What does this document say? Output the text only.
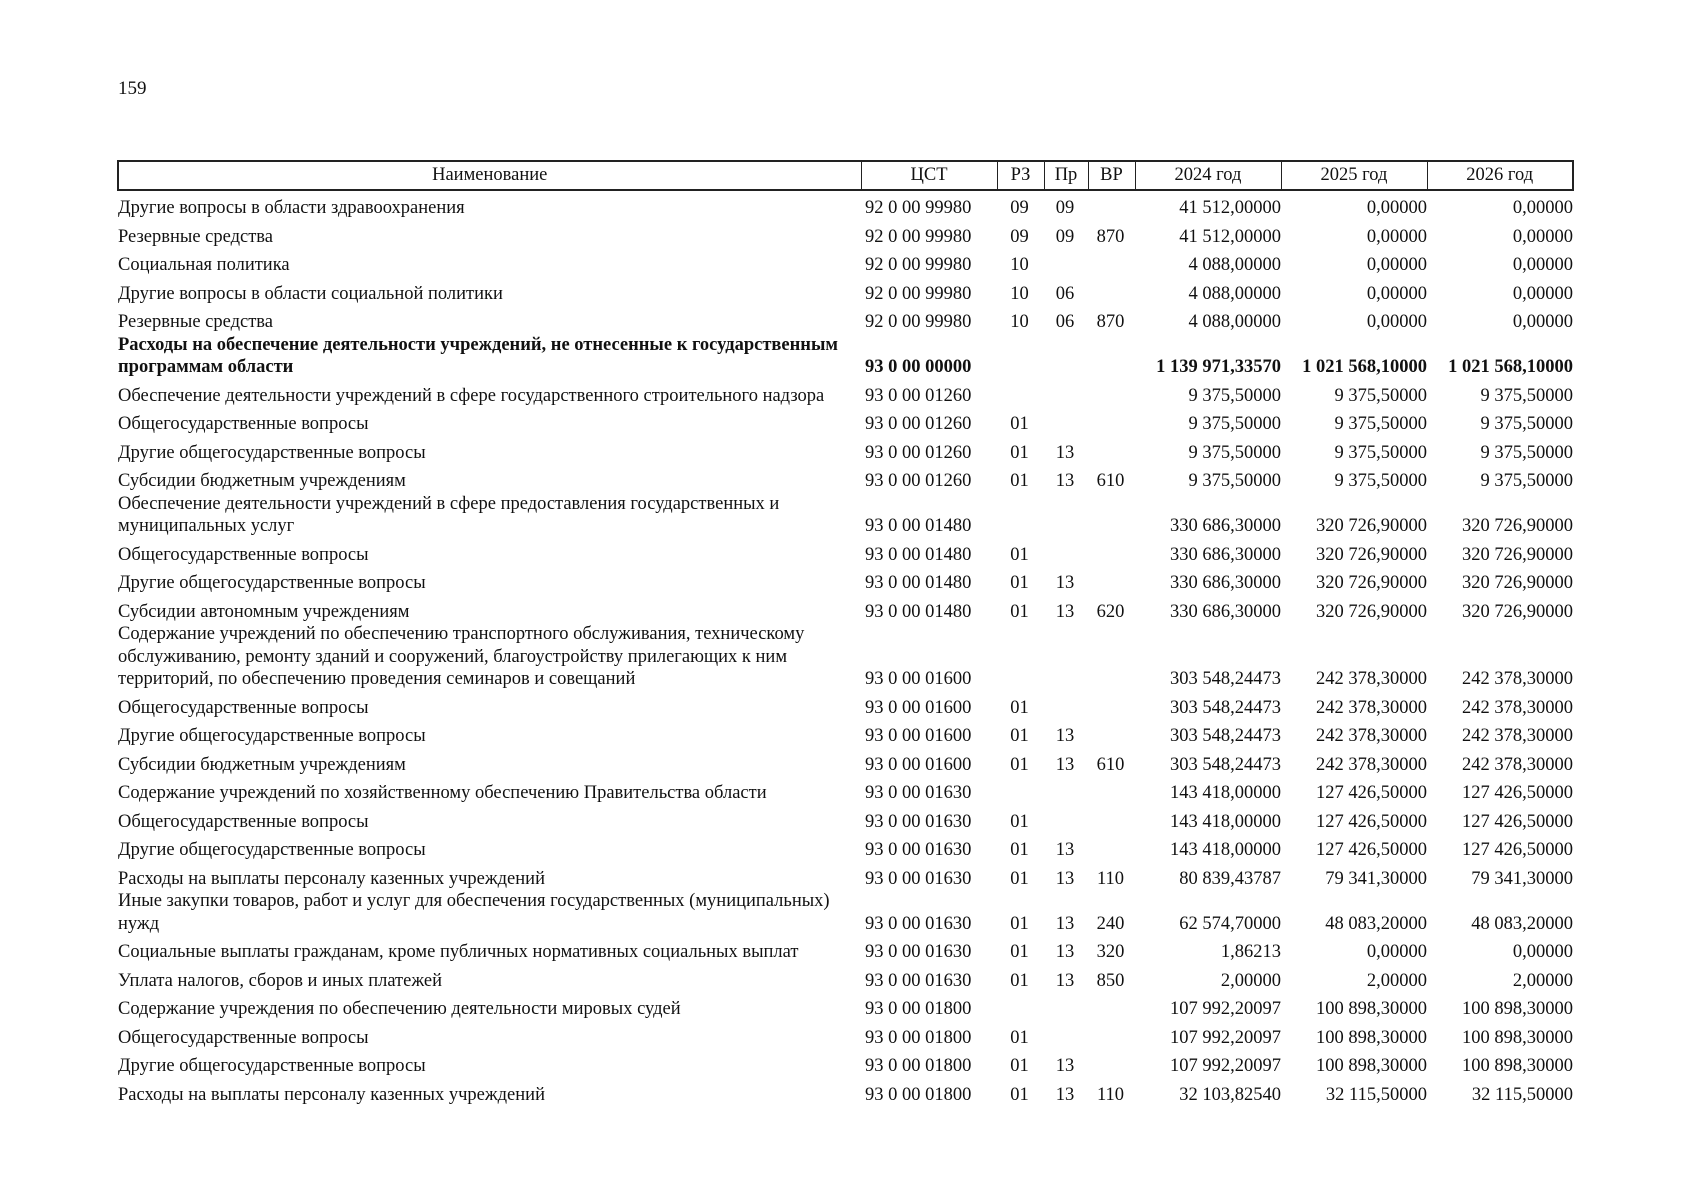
159
Наименование	ЦСТ	РЗ	Пр	ВР	2024 год	2025 год	2026 год
Другие вопросы в области здравоохранения	92 0 00 99980	09	09		41 512,00000	0,00000	0,00000
Резервные средства	92 0 00 99980	09	09	870	41 512,00000	0,00000	0,00000
Социальная политика	92 0 00 99980	10			4 088,00000	0,00000	0,00000
Другие вопросы в области социальной политики	92 0 00 99980	10	06		4 088,00000	0,00000	0,00000
Резервные средства	92 0 00 99980	10	06	870	4 088,00000	0,00000	0,00000
Расходы на обеспечение деятельности учреждений, не отнесенные к государственным программам области	93 0 00 00000				1 139 971,33570	1 021 568,10000	1 021 568,10000
Обеспечение деятельности учреждений в сфере государственного строительного надзора	93 0 00 01260				9 375,50000	9 375,50000	9 375,50000
Общегосударственные вопросы	93 0 00 01260	01			9 375,50000	9 375,50000	9 375,50000
Другие общегосударственные вопросы	93 0 00 01260	01	13		9 375,50000	9 375,50000	9 375,50000
Субсидии бюджетным учреждениям	93 0 00 01260	01	13	610	9 375,50000	9 375,50000	9 375,50000
Обеспечение деятельности учреждений в сфере предоставления государственных и муниципальных услуг	93 0 00 01480				330 686,30000	320 726,90000	320 726,90000
Общегосударственные вопросы	93 0 00 01480	01			330 686,30000	320 726,90000	320 726,90000
Другие общегосударственные вопросы	93 0 00 01480	01	13		330 686,30000	320 726,90000	320 726,90000
Субсидии автономным учреждениям	93 0 00 01480	01	13	620	330 686,30000	320 726,90000	320 726,90000
Содержание учреждений по обеспечению транспортного обслуживания, техническому обслуживанию, ремонту зданий и сооружений, благоустройству прилегающих к ним территорий, по обеспечению проведения семинаров и совещаний	93 0 00 01600				303 548,24473	242 378,30000	242 378,30000
Общегосударственные вопросы	93 0 00 01600	01			303 548,24473	242 378,30000	242 378,30000
Другие общегосударственные вопросы	93 0 00 01600	01	13		303 548,24473	242 378,30000	242 378,30000
Субсидии бюджетным учреждениям	93 0 00 01600	01	13	610	303 548,24473	242 378,30000	242 378,30000
Содержание учреждений по хозяйственному обеспечению Правительства области	93 0 00 01630				143 418,00000	127 426,50000	127 426,50000
Общегосударственные вопросы	93 0 00 01630	01			143 418,00000	127 426,50000	127 426,50000
Другие общегосударственные вопросы	93 0 00 01630	01	13		143 418,00000	127 426,50000	127 426,50000
Расходы на выплаты персоналу казенных учреждений	93 0 00 01630	01	13	110	80 839,43787	79 341,30000	79 341,30000
Иные закупки товаров, работ и услуг для обеспечения государственных (муниципальных) нужд	93 0 00 01630	01	13	240	62 574,70000	48 083,20000	48 083,20000
Социальные выплаты гражданам, кроме публичных нормативных социальных выплат	93 0 00 01630	01	13	320	1,86213	0,00000	0,00000
Уплата налогов, сборов и иных платежей	93 0 00 01630	01	13	850	2,00000	2,00000	2,00000
Содержание учреждения по обеспечению деятельности мировых судей	93 0 00 01800				107 992,20097	100 898,30000	100 898,30000
Общегосударственные вопросы	93 0 00 01800	01			107 992,20097	100 898,30000	100 898,30000
Другие общегосударственные вопросы	93 0 00 01800	01	13		107 992,20097	100 898,30000	100 898,30000
Расходы на выплаты персоналу казенных учреждений	93 0 00 01800	01	13	110	32 103,82540	32 115,50000	32 115,50000
